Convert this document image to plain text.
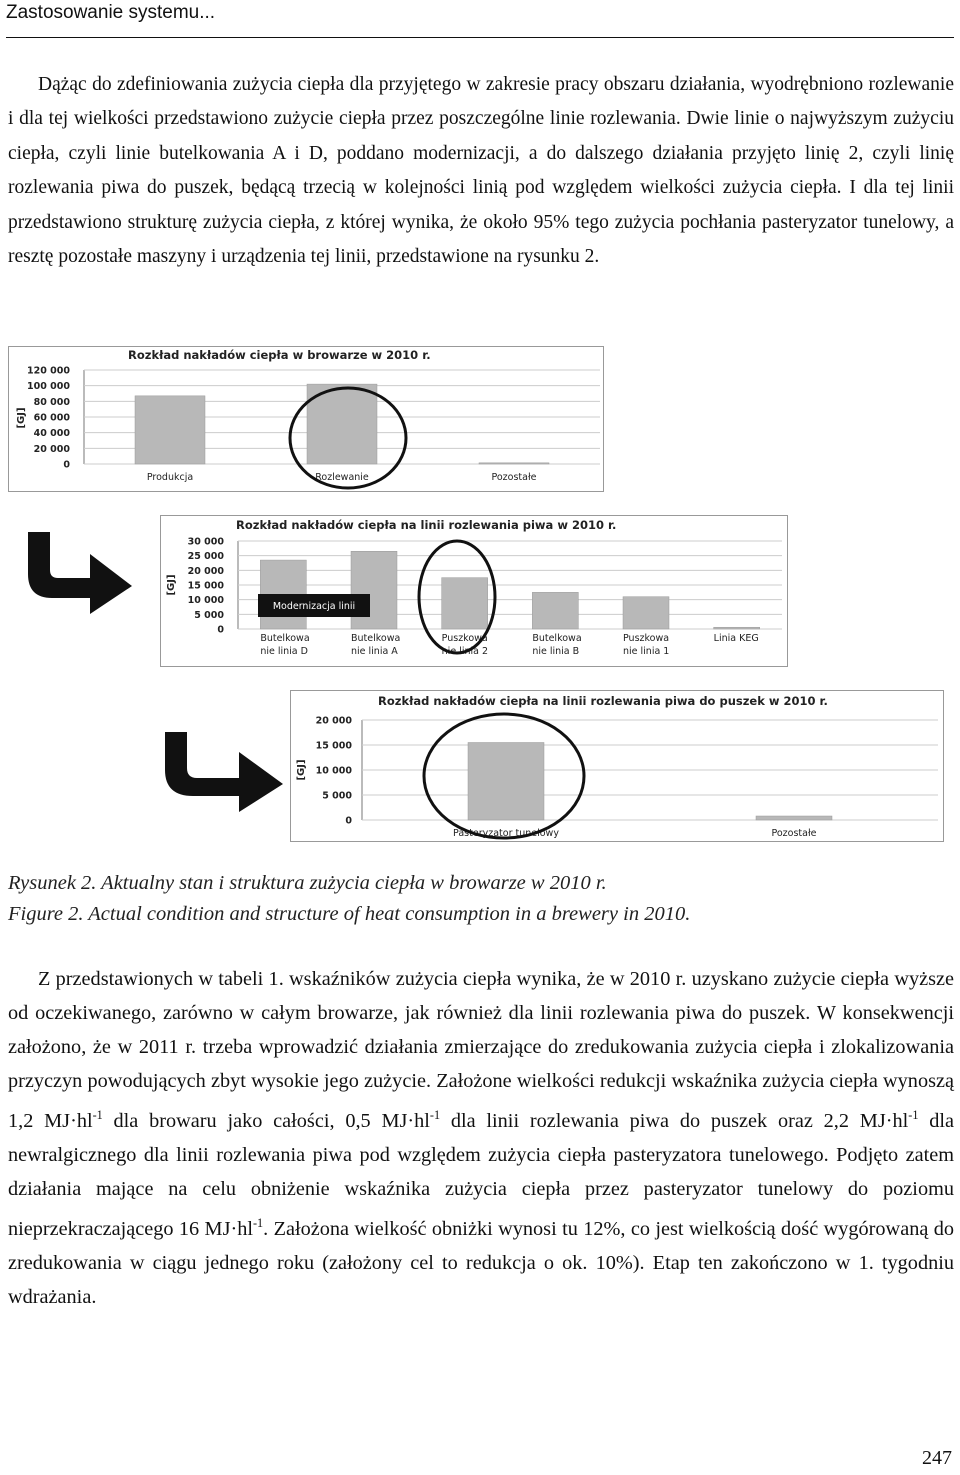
Zastosowanie systemu...
Dążąc do zdefiniowania zużycia ciepła dla przyjętego w zakresie pracy obszaru działania, wyodrębniono rozlewanie i dla tej wielkości przedstawiono zużycie ciepła przez poszczególne linie rozlewania. Dwie linie o najwyższym zużyciu ciepła, czyli linie butelkowania A i D, poddano modernizacji, a do dalszego działania przyjęto linię 2, czyli linię rozlewania piwa do puszek, będącą trzecią w kolejności linią pod względem wielkości zużycia ciepła. I dla tej linii przedstawiono strukturę zużycia ciepła, z której wynika, że około 95% tego zużycia pochłania pasteryzator tunelowy, a resztę pozostałe maszyny i urządzenia tej linii, przedstawione na rysunku 2.
Rozkład nakładów ciepła w browarze w 2010 r.
[GJ]
120 000
100 000
80 000
60 000
40 000
20 000
0
Produkcja	Rozlewanie	Pozostałe
Rozkład nakładów ciepła na linii rozlewania piwa w 2010 r.
[GJ]
30 000
25 000
20 000
15 000
10 000
5 000
0
Butelkowa
nie linia D
Butelkowa
nie linia A
Puszkowa
nie linia 2
Butelkowa
nie linia B
Puszkowa
nie linia 1
Linia KEG
Modernizacja linii
Rozkład nakładów ciepła na linii rozlewania piwa do puszek w 2010 r.
[GJ]
20 000
15 000
10 000
5 000
0
Pasteryzator tunelowy	Pozostałe
Rysunek 2. Aktualny stan i struktura zużycia ciepła w browarze w 2010 r.
Figure 2. Actual condition and structure of heat consumption in a brewery in 2010.
Z przedstawionych w tabeli 1. wskaźników zużycia ciepła wynika, że w 2010 r. uzyskano zużycie ciepła wyższe od oczekiwanego, zarówno w całym browarze, jak również dla linii rozlewania piwa do puszek. W konsekwencji założono, że w 2011 r. trzeba wprowadzić działania zmierzające do zredukowania zużycia ciepła i zlokalizowania przyczyn powodujących zbyt wysokie jego zużycie. Założone wielkości redukcji wskaźnika zużycia ciepła wynoszą 1,2 $MJ\cdot hl^{-1}$ dla browaru jako całości, 0,5 $MJ\cdot hl^{-1}$ dla linii rozlewania piwa do puszek oraz 2,2 $MJ\cdot hl^{-1}$ dla newralgicznego dla linii rozlewania piwa pod względem zużycia ciepła pasteryzatora tunelowego. Podjęto zatem działania mające na celu obniżenie wskaźnika zużycia ciepła przez pasteryzator tunelowy do poziomu nieprzekraczającego 16 $MJ\cdot hl^{-1}$. Założona wielkość obniżki wynosi tu 12%, co jest wielkością dość wygórowaną do zredukowania w ciągu jednego roku (założony cel to redukcja o ok. 10%). Etap ten zakończono w 1. tygodniu wdrażania.
247
